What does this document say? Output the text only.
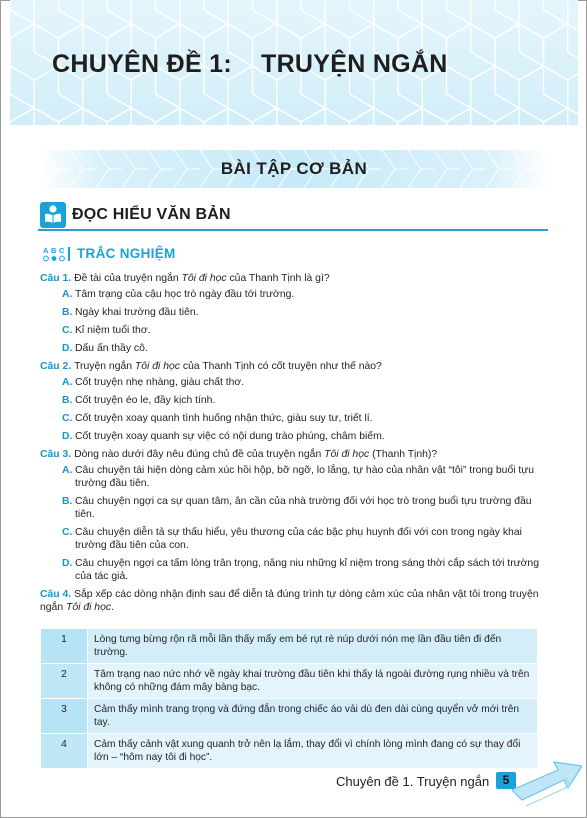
CHUYÊN ĐỀ 1:    TRUYỆN NGẮN
BÀI TẬP CƠ BẢN
ĐỌC HIỂU VĂN BẢN
A B C TRẮC NGHIỆM

Câu 1. Đề tài của truyện ngắn Tôi đi học của Thanh Tịnh là gì?

A. Tâm trạng của cậu học trò ngày đầu tới trường.
B. Ngày khai trường đầu tiên.
C. Kỉ niệm tuổi thơ.
D. Dấu ấn thầy cô.

Câu 2. Truyện ngắn Tôi đi học của Thanh Tịnh có cốt truyện như thế nào?

A. Cốt truyện nhẹ nhàng, giàu chất thơ.
B. Cốt truyện éo le, đầy kịch tính.
C. Cốt truyện xoay quanh tình huống nhận thức, giàu suy tư, triết lí.
D. Cốt truyện xoay quanh sự việc có nội dung trào phúng, châm biếm.

Câu 3. Dòng nào dưới đây nêu đúng chủ đề của truyện ngắn Tôi đi học (Thanh Tịnh)?

A. Câu chuyện tái hiện dòng cảm xúc hồi hộp, bỡ ngỡ, lo lắng, tự hào của nhân vật “tôi” trong buổi tựu trường đầu tiên.
B. Câu chuyện ngợi ca sự quan tâm, ân cần của nhà trường đối với học trò trong buổi tựu trường đầu tiên.
C. Câu chuyện diễn tả sự thấu hiểu, yêu thương của các bậc phụ huynh đối với con trong ngày khai trường đầu tiên của con.
D. Câu chuyện ngợi ca tấm lòng trân trọng, nâng niu những kỉ niệm trong sáng thời cắp sách tới trường của tác giả.

Câu 4. Sắp xếp các dòng nhận định sau để diễn tả đúng trình tự dòng cảm xúc của nhân vật tôi trong truyện ngắn Tôi đi học.

1	Lòng tưng bừng rộn rã mỗi lần thấy mấy em bé rụt rè núp dưới nón mẹ lần đầu tiên đi đến trường.
2	Tâm trạng nao nức nhớ về ngày khai trường đầu tiên khi thấy lá ngoài đường rụng nhiều và trên không có những đám mây bàng bạc.
3	Cảm thấy mình trang trọng và đứng đắn trong chiếc áo vải dù đen dài cùng quyển vở mới trên tay.
4	Cảm thấy cảnh vật xung quanh trở nên lạ lắm, thay đổi vì chính lòng mình đang có sự thay đổi lớn – “hôm nay tôi đi học”.
Chuyên đề 1. Truyện ngắn	5
